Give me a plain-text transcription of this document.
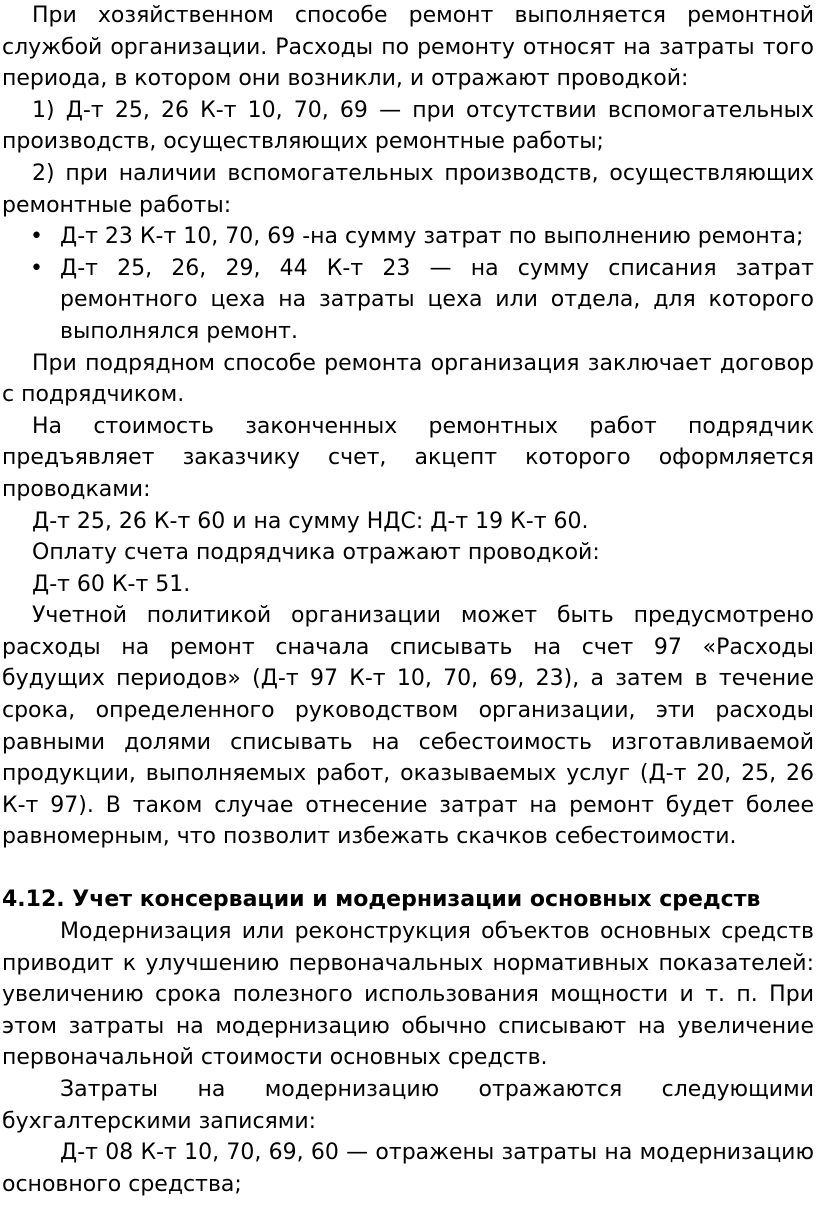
При хозяйственном способе ремонт выполняется ремонтной службой организации. Расходы по ремонту относят на затраты того периода, в котором они возникли, и отражают проводкой:

1) Д-т 25, 26 К-т 10, 70, 69 — при отсутствии вспомогательных производств, осуществляющих ремонтные работы;

2) при наличии вспомогательных производств, осуществляющих ремонтные работы:

• Д-т 23 К-т 10, 70, 69 -на сумму затрат по выполнению ремонта;
• Д-т 25, 26, 29, 44 К-т 23 — на сумму списания затрат ремонтного цеха на затраты цеха или отдела, для которого выполнялся ремонт.

При подрядном способе ремонта организация заключает договор с подрядчиком.

На стоимость законченных ремонтных работ подрядчик предъявляет заказчику счет, акцепт которого оформляется проводками:

Д-т 25, 26 К-т 60 и на сумму НДС: Д-т 19 К-т 60.

Оплату счета подрядчика отражают проводкой:

Д-т 60 К-т 51.

Учетной политикой организации может быть предусмотрено расходы на ремонт сначала списывать на счет 97 «Расходы будущих периодов» (Д-т 97 К-т 10, 70, 69, 23), а затем в течение срока, определенного руководством организации, эти расходы равными долями списывать на себестоимость изготавливаемой продукции, выполняемых работ, оказываемых услуг (Д-т 20, 25, 26 К-т 97). В таком случае отнесение затрат на ремонт будет более равномерным, что позволит избежать скачков себестоимости.

4.12. Учет консервации и модернизации основных средств

Модернизация или реконструкция объектов основных средств приводит к улучшению первоначальных нормативных показателей: увеличению срока полезного использования мощности и т. п. При этом затраты на модернизацию обычно списывают на увеличение первоначальной стоимости основных средств.

Затраты на модернизацию отражаются следующими бухгалтерскими записями:

Д-т 08 К-т 10, 70, 69, 60 — отражены затраты на модернизацию основного средства;
